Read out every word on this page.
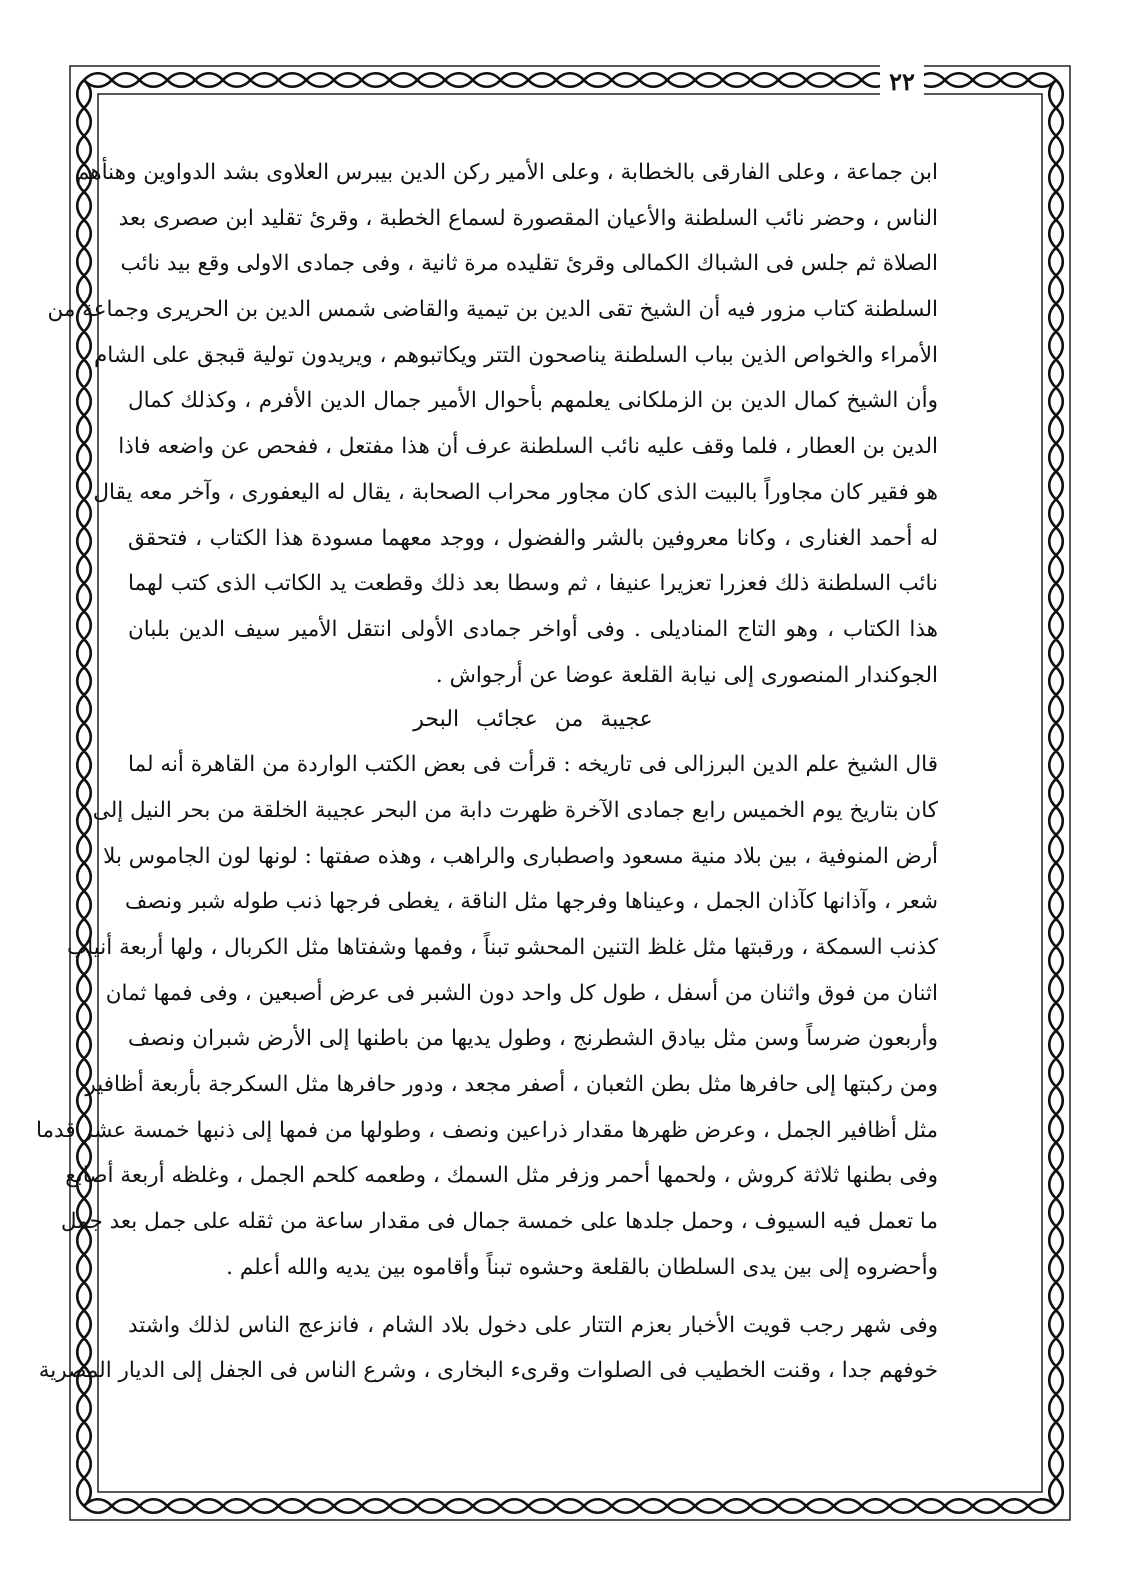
٢٢
ابن جماعة ، وعلى الفارقى بالخطابة ، وعلى الأمير ركن الدين بيبرس العلاوى بشد الدواوين وهنأهم
الناس ، وحضر نائب السلطنة والأعيان المقصورة لسماع الخطبة ، وقرئ تقليد ابن صصرى بعد
الصلاة ثم جلس فى الشباك الكمالى وقرئ تقليده مرة ثانية ، وفى جمادى الاولى وقع بيد نائب
السلطنة كتاب مزور فيه أن الشيخ تقى الدين بن تيمية والقاضى شمس الدين بن الحريرى وجماعة من
الأمراء والخواص الذين بباب السلطنة يناصحون التتر ويكاتبوهم ، ويريدون تولية قبجق على الشام
وأن الشيخ كمال الدين بن الزملكانى يعلمهم بأحوال الأمير جمال الدين الأفرم ، وكذلك كمال
الدين بن العطار ، فلما وقف عليه نائب السلطنة عرف أن هذا مفتعل ، ففحص عن واضعه فاذا
هو فقير كان مجاوراً بالبيت الذى كان مجاور محراب الصحابة ، يقال له اليعفورى ، وآخر معه يقال
له أحمد الغنارى ، وكانا معروفين بالشر والفضول ، ووجد معهما مسودة هذا الكتاب ، فتحقق
نائب السلطنة ذلك فعزرا تعزيرا عنيفا ، ثم وسطا بعد ذلك وقطعت يد الكاتب الذى كتب لهما
هذا الكتاب ، وهو التاج المناديلى . وفى أواخر جمادى الأولى انتقل الأمير سيف الدين بلبان
الجوكندار المنصورى إلى نيابة القلعة عوضا عن أرجواش .
عجيبة من عجائب البحر
قال الشيخ علم الدين البرزالى فى تاريخه : قرأت فى بعض الكتب الواردة من القاهرة أنه لما
كان بتاريخ يوم الخميس رابع جمادى الآخرة ظهرت دابة من البحر عجيبة الخلقة من بحر النيل إلى
أرض المنوفية ، بين بلاد منية مسعود واصطبارى والراهب ، وهذه صفتها : لونها لون الجاموس بلا
شعر ، وآذانها كآذان الجمل ، وعيناها وفرجها مثل الناقة ، يغطى فرجها ذنب طوله شبر ونصف
كذنب السمكة ، ورقبتها مثل غلظ التنين المحشو تبناً ، وفمها وشفتاها مثل الكربال ، ولها أربعة أنياب
اثنان من فوق واثنان من أسفل ، طول كل واحد دون الشبر فى عرض أصبعين ، وفى فمها ثمان
وأربعون ضرساً وسن مثل بيادق الشطرنج ، وطول يديها من باطنها إلى الأرض شبران ونصف
ومن ركبتها إلى حافرها مثل بطن الثعبان ، أصفر مجعد ، ودور حافرها مثل السكرجة بأربعة أظافير
مثل أظافير الجمل ، وعرض ظهرها مقدار ذراعين ونصف ، وطولها من فمها إلى ذنبها خمسة عشر قدما
وفى بطنها ثلاثة كروش ، ولحمها أحمر وزفر مثل السمك ، وطعمه كلحم الجمل ، وغلظه أربعة أصابع
ما تعمل فيه السيوف ، وحمل جلدها على خمسة جمال فى مقدار ساعة من ثقله على جمل بعد جمل
وأحضروه إلى بين يدى السلطان بالقلعة وحشوه تبناً وأقاموه بين يديه والله أعلم .
وفى شهر رجب قويت الأخبار بعزم التتار على دخول بلاد الشام ، فانزعج الناس لذلك واشتد
خوفهم جدا ، وقنت الخطيب فى الصلوات وقرىء البخارى ، وشرع الناس فى الجفل إلى الديار المصرية
